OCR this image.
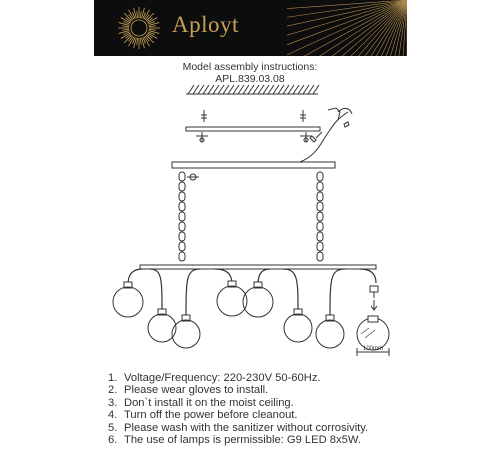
Aployt
Model assembly instructions:
APL.839.03.08
100mm
1. Voltage/Frequency: 220-230V 50-60Hz.
2. Please wear gloves to install.
3. Don`t install it on the moist ceiling.
4. Turn off the power before cleanout.
5. Please wash with the sanitizer without corrosivity.
6. The use of lamps is permissible: G9 LED 8x5W.
